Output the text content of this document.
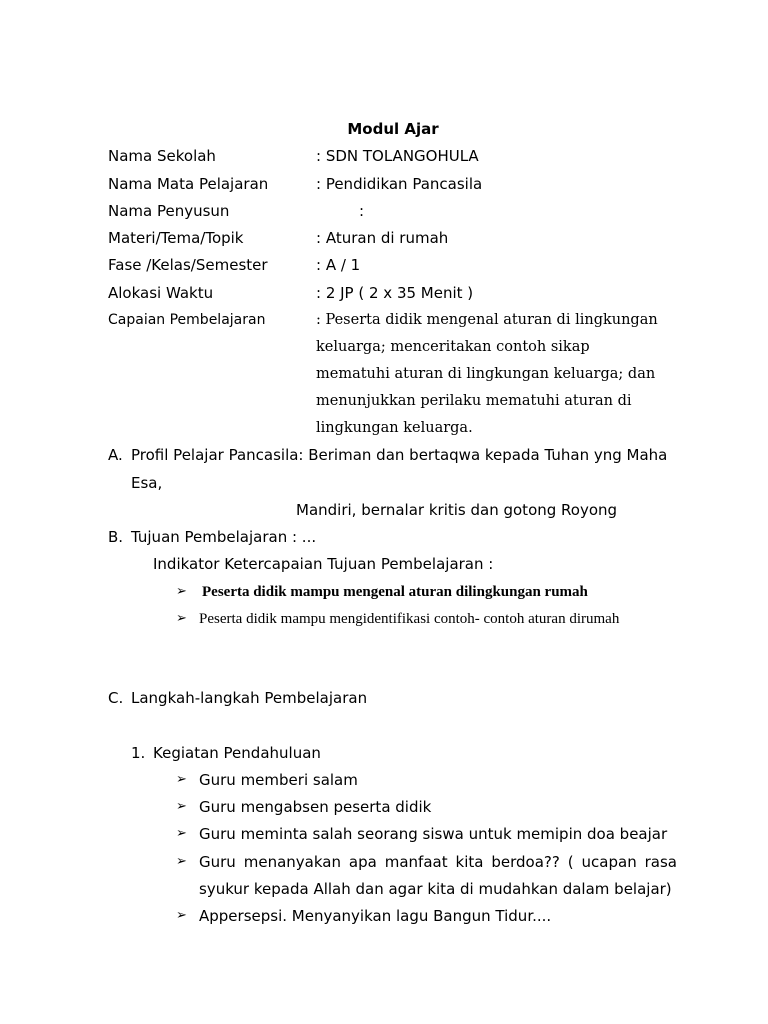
Modul Ajar
Nama Sekolah	: SDN TOLANGOHULA
Nama Mata Pelajaran	: Pendidikan Pancasila
Nama Penyusun	:
Materi/Tema/Topik	: Aturan di rumah
Fase /Kelas/Semester	: A / 1
Alokasi Waktu	: 2 JP ( 2 x 35 Menit )
Capaian Pembelajaran	: Peserta didik mengenal aturan di lingkungan
keluarga; menceritakan contoh sikap
mematuhi aturan di lingkungan keluarga; dan
menunjukkan perilaku mematuhi aturan di
lingkungan keluarga.
A. Profil Pelajar Pancasila: Beriman dan bertaqwa kepada Tuhan yng Maha
Esa,
Mandiri, bernalar kritis dan gotong Royong
B. Tujuan Pembelajaran : ...
Indikator Ketercapaian Tujuan Pembelajaran :
➢ Peserta didik mampu mengenal aturan dilingkungan rumah
➢ Peserta didik mampu mengidentifikasi contoh- contoh aturan dirumah
C. Langkah-langkah Pembelajaran
1. Kegiatan Pendahuluan
➢ Guru memberi salam
➢ Guru mengabsen peserta didik
➢ Guru meminta salah seorang siswa untuk memipin doa beajar
➢ Guru menanyakan apa manfaat kita berdoa?? ( ucapan rasa
syukur kepada Allah dan agar kita di mudahkan dalam belajar)
➢ Appersepsi. Menyanyikan lagu Bangun Tidur....
